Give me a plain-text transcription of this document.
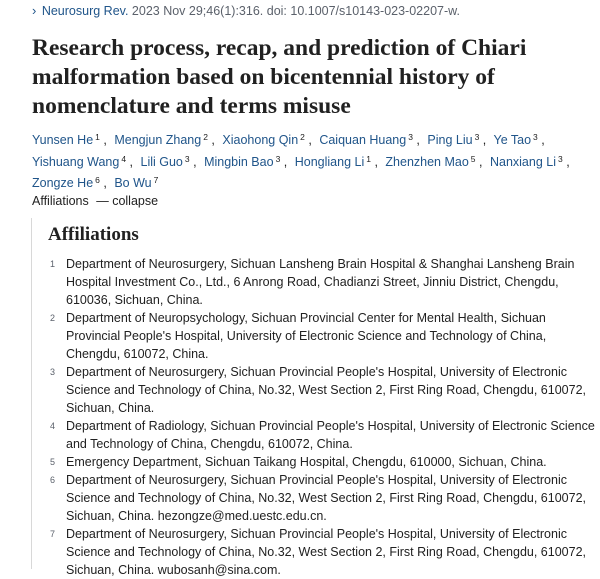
› Neurosurg Rev. 2023 Nov 29;46(1):316. doi: 10.1007/s10143-023-02207-w.
Research process, recap, and prediction of Chiari malformation based on bicentennial history of nomenclature and terms misuse
Yunsen He $^1$ , Mengjun Zhang $^2$ , Xiaohong Qin $^2$ , Caiquan Huang $^3$ , Ping Liu $^3$ , Ye Tao $^3$ , Yishuang Wang $^4$ , Lili Guo $^3$ , Mingbin Bao $^3$ , Hongliang Li $^1$ , Zhenzhen Mao $^5$ , Nanxiang Li $^3$ , Zongze He $^6$ , Bo Wu $^7$
Affiliations — collapse
Affiliations
1 Department of Neurosurgery, Sichuan Lansheng Brain Hospital & Shanghai Lansheng Brain Hospital Investment Co., Ltd., 6 Anrong Road, Chadianzi Street, Jinniu District, Chengdu, 610036, Sichuan, China.
2 Department of Neuropsychology, Sichuan Provincial Center for Mental Health, Sichuan Provincial People's Hospital, University of Electronic Science and Technology of China, Chengdu, 610072, China.
3 Department of Neurosurgery, Sichuan Provincial People's Hospital, University of Electronic Science and Technology of China, No.32, West Section 2, First Ring Road, Chengdu, 610072, Sichuan, China.
4 Department of Radiology, Sichuan Provincial People's Hospital, University of Electronic Science and Technology of China, Chengdu, 610072, China.
5 Emergency Department, Sichuan Taikang Hospital, Chengdu, 610000, Sichuan, China.
6 Department of Neurosurgery, Sichuan Provincial People's Hospital, University of Electronic Science and Technology of China, No.32, West Section 2, First Ring Road, Chengdu, 610072, Sichuan, China. hezongze@med.uestc.edu.cn.
7 Department of Neurosurgery, Sichuan Provincial People's Hospital, University of Electronic Science and Technology of China, No.32, West Section 2, First Ring Road, Chengdu, 610072, Sichuan, China. wubosanh@sina.com.
